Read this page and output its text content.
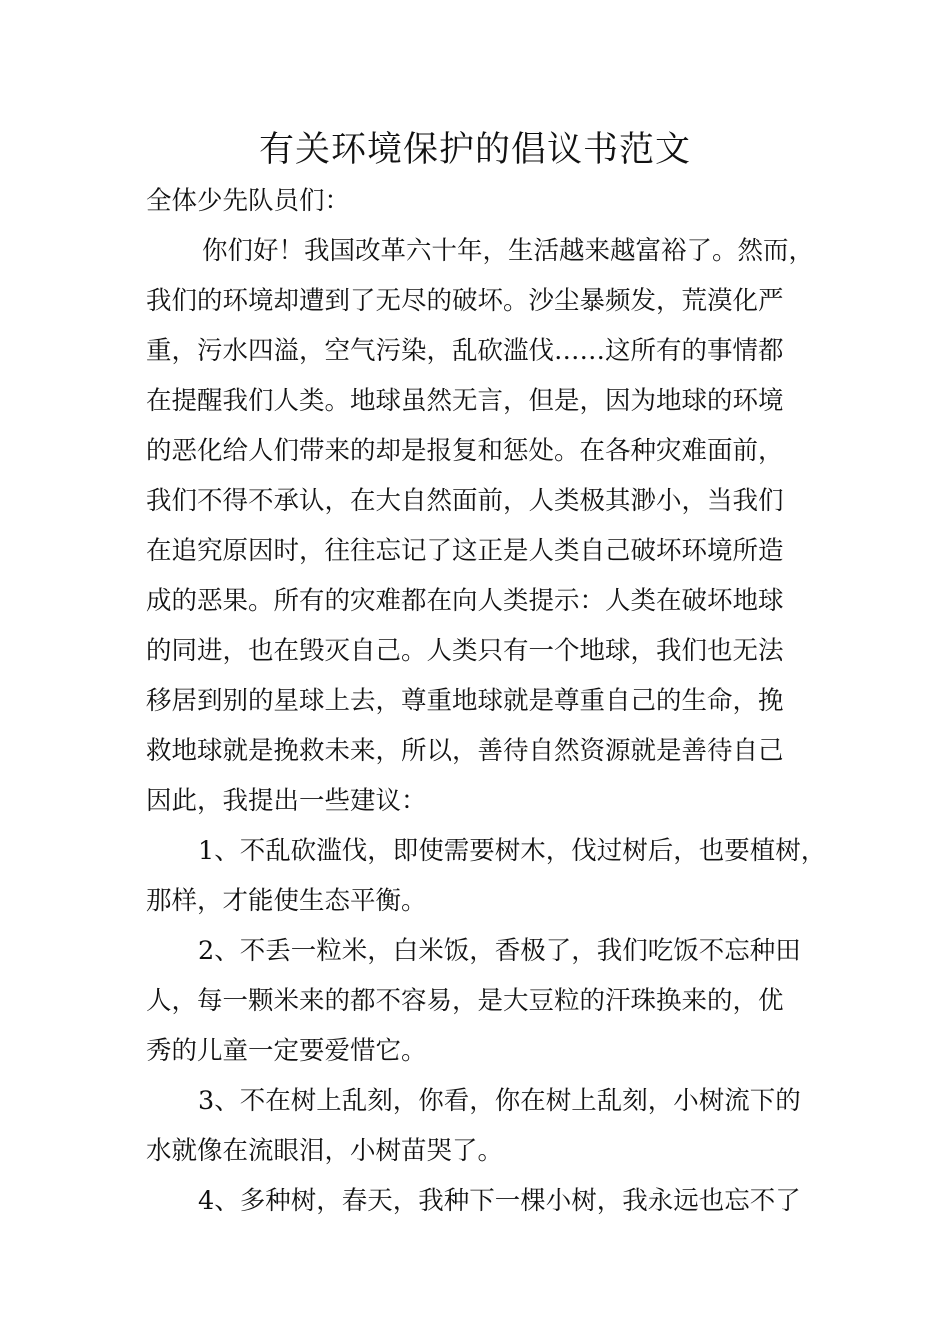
有关环境保护的倡议书范文

全体少先队员们：

你们好！我国改革六十年，生活越来越富裕了。然而，
我们的环境却遭到了无尽的破坏。沙尘暴频发，荒漠化严
重，污水四溢，空气污染，乱砍滥伐……这所有的事情都
在提醒我们人类。地球虽然无言，但是，因为地球的环境
的恶化给人们带来的却是报复和惩处。在各种灾难面前，
我们不得不承认，在大自然面前，人类极其渺小，当我们
在追究原因时，往往忘记了这正是人类自己破坏环境所造
成的恶果。所有的灾难都在向人类提示：人类在破坏地球
的同进，也在毁灭自己。人类只有一个地球，我们也无法
移居到别的星球上去，尊重地球就是尊重自己的生命，挽
救地球就是挽救未来，所以，善待自然资源就是善待自己
因此，我提出一些建议：

1、不乱砍滥伐，即使需要树木，伐过树后，也要植树，
那样，才能使生态平衡。

2、不丢一粒米，白米饭，香极了，我们吃饭不忘种田
人，每一颗米来的都不容易，是大豆粒的汗珠换来的，优
秀的儿童一定要爱惜它。

3、不在树上乱刻，你看，你在树上乱刻，小树流下的
水就像在流眼泪，小树苗哭了。

4、多种树，春天，我种下一棵小树，我永远也忘不了
